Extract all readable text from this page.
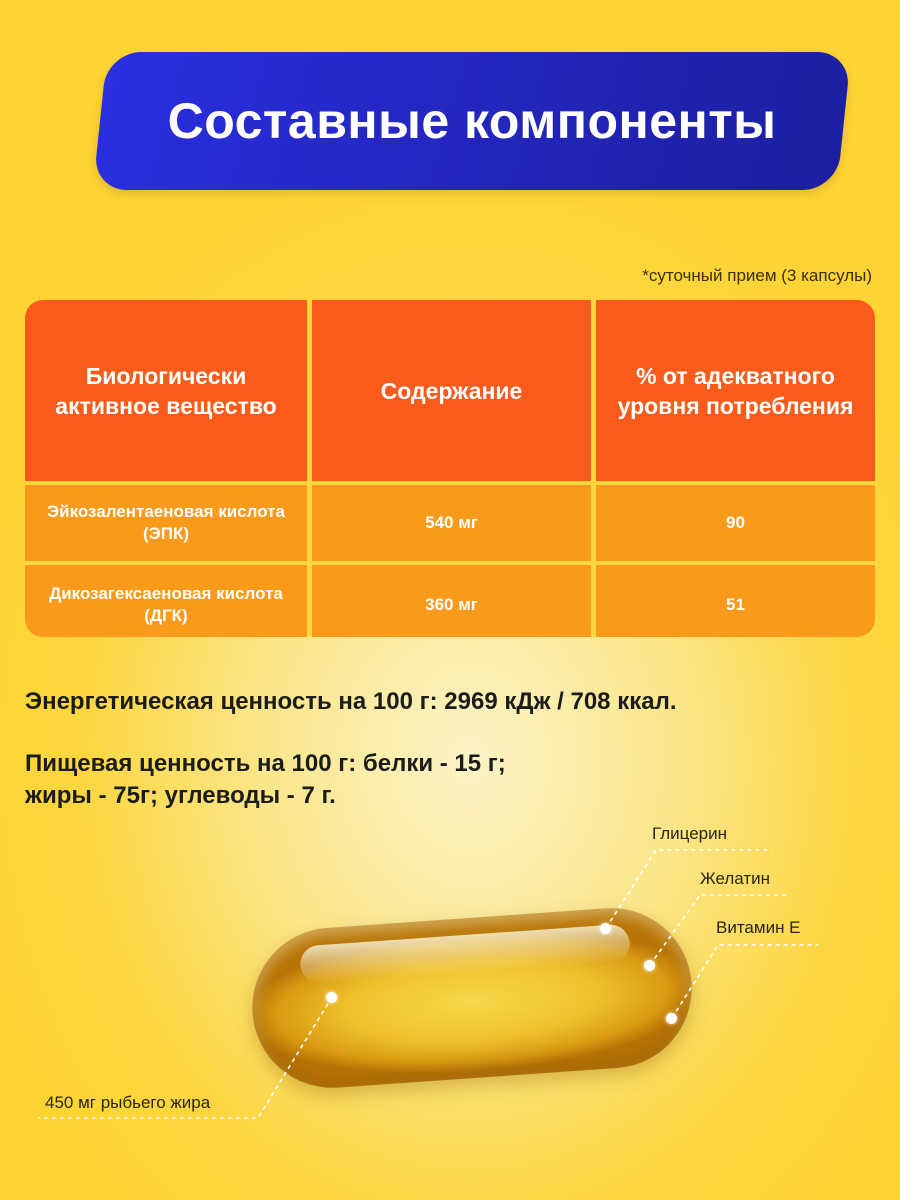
Составные компоненты
*суточный прием (3 капсулы)
Биологически активное вещество
Содержание
% от адекватного уровня потребления
Эйкозалентаеновая кислота (ЭПК)
540 мг	90
Дикозагексаеновая кислота (ДГК)
360 мг	51
Энергетическая ценность на 100 г: 2969 кДж / 708 ккал.
Пищевая ценность на 100 г: белки - 15 г;
жиры - 75г; углеводы - 7 г.
Глицерин
Желатин
Витамин Е
450 мг рыбьего жира
